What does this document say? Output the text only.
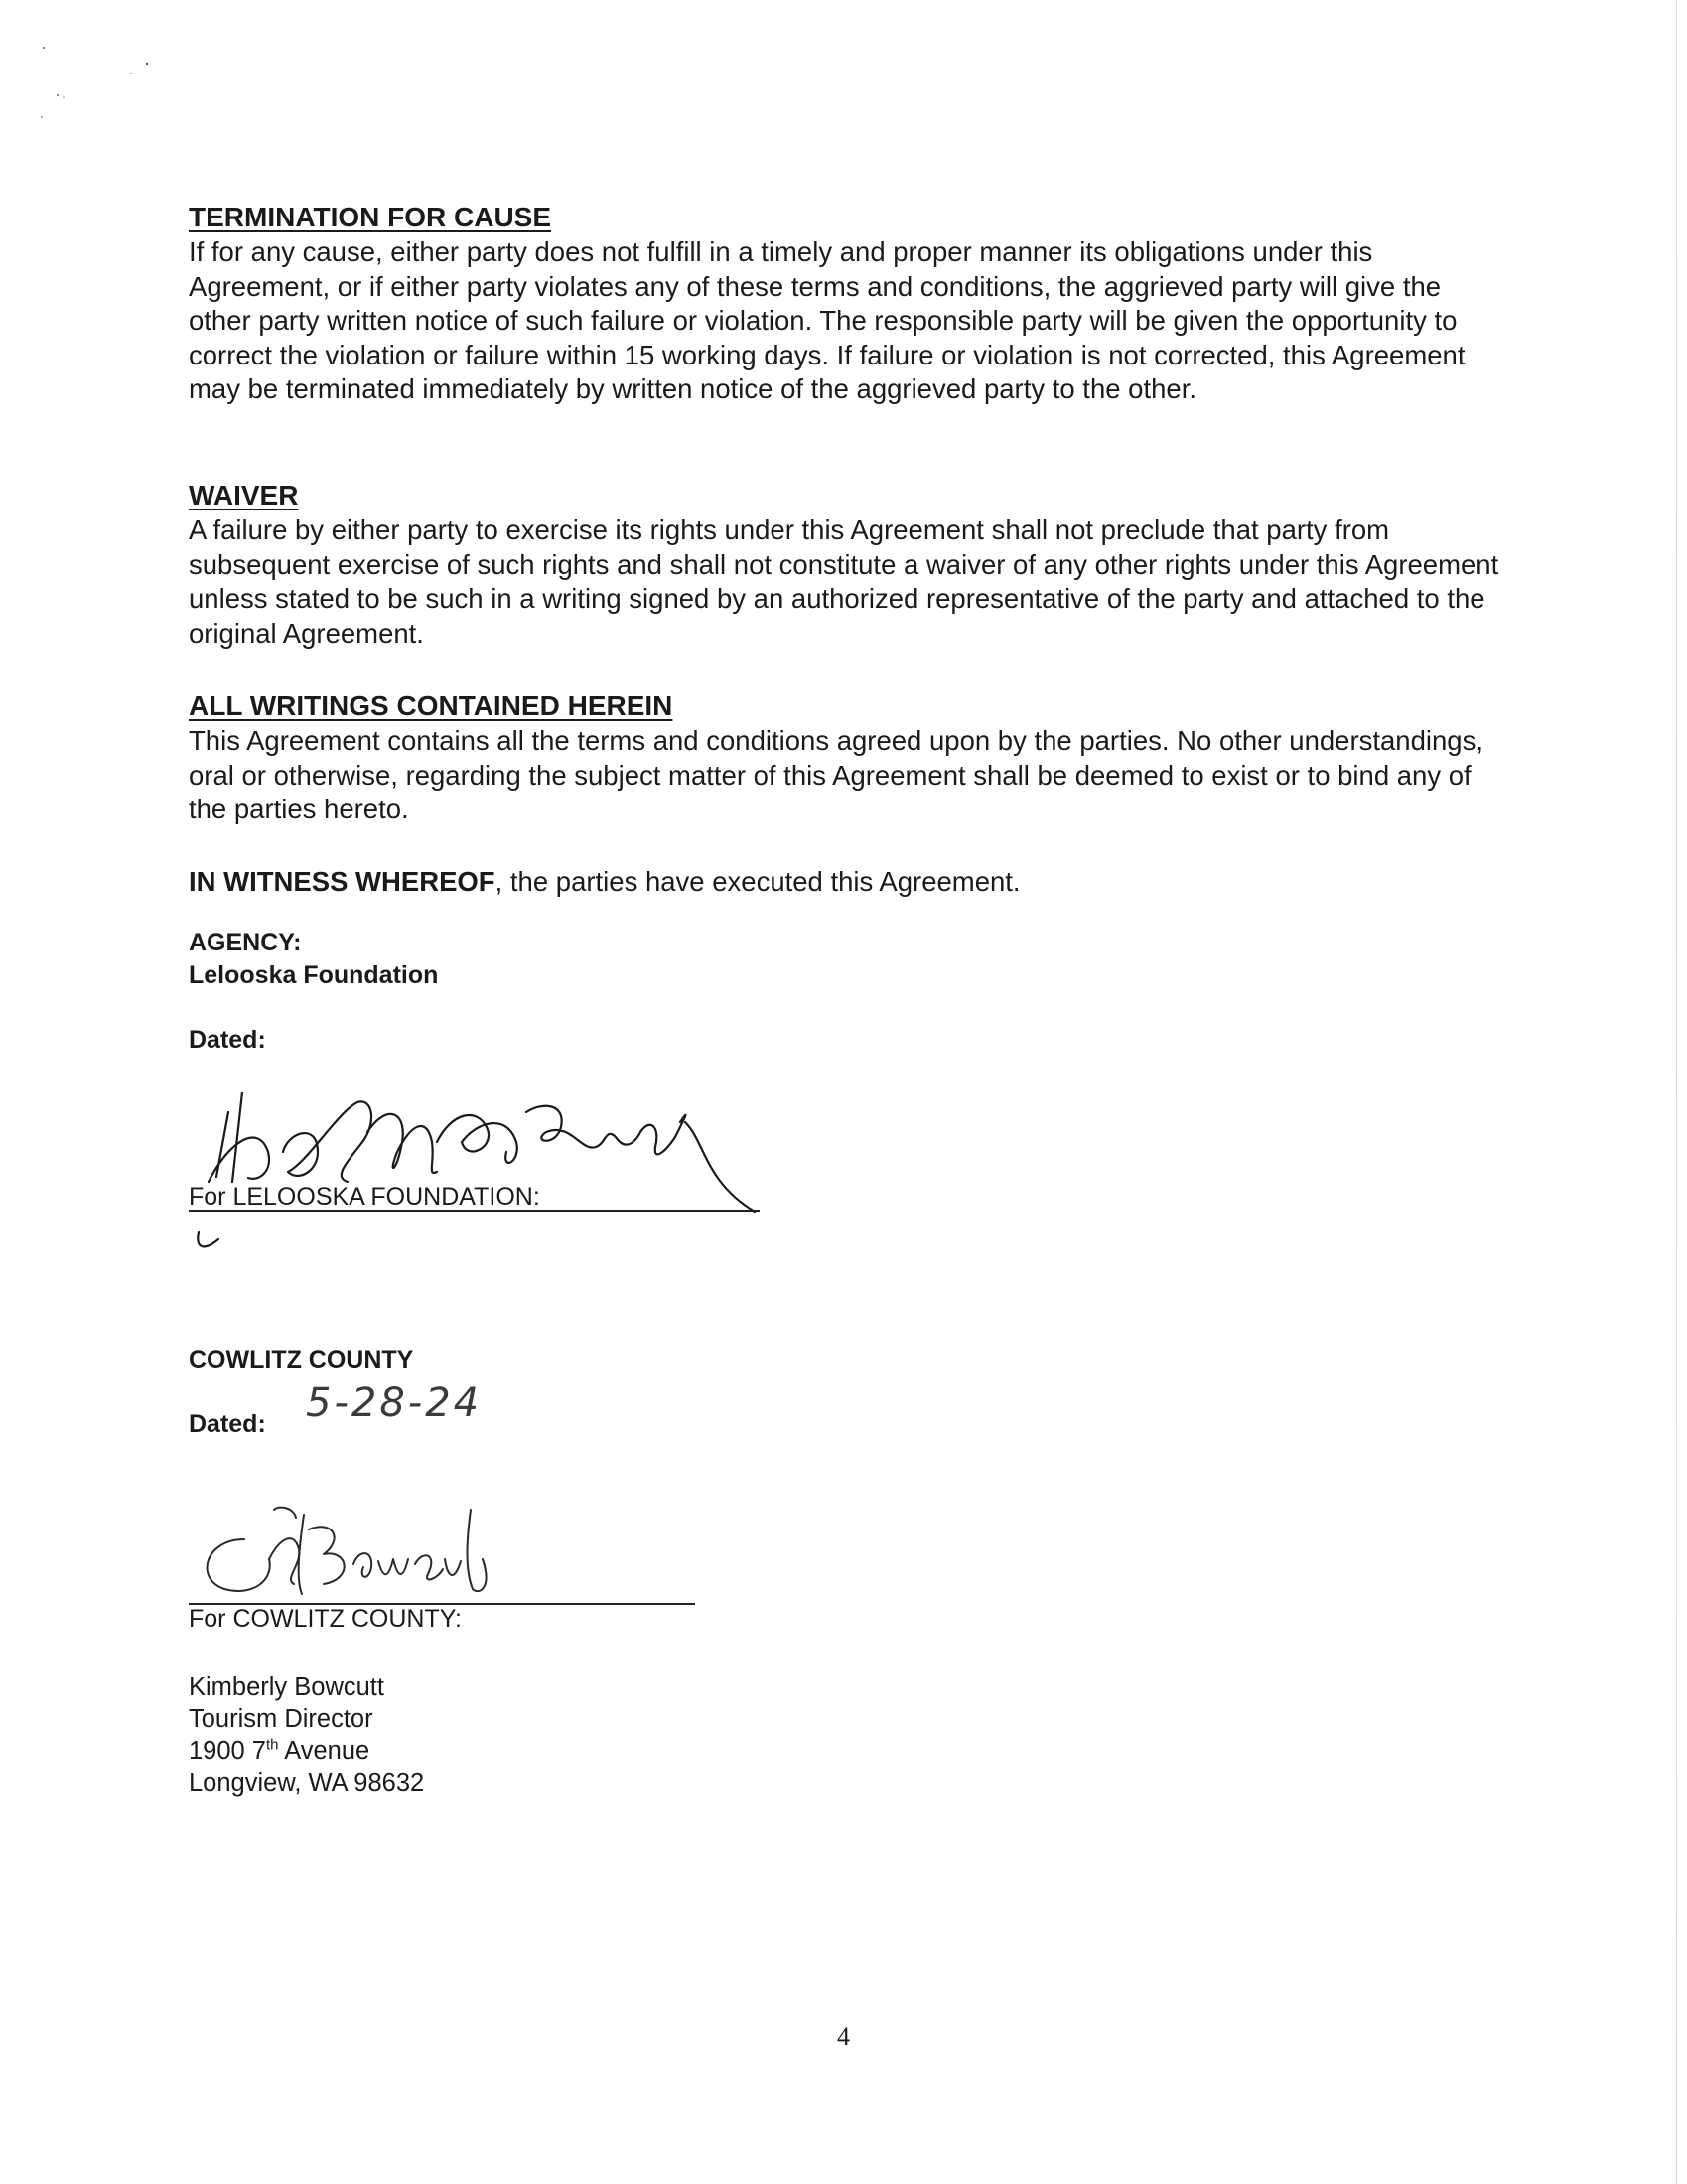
TERMINATION FOR CAUSE

If for any cause, either party does not fulfill in a timely and proper manner its obligations under this Agreement, or if either party violates any of these terms and conditions, the aggrieved party will give the other party written notice of such failure or violation. The responsible party will be given the opportunity to correct the violation or failure within 15 working days. If failure or violation is not corrected, this Agreement may be terminated immediately by written notice of the aggrieved party to the other.

WAIVER

A failure by either party to exercise its rights under this Agreement shall not preclude that party from subsequent exercise of such rights and shall not constitute a waiver of any other rights under this Agreement unless stated to be such in a writing signed by an authorized representative of the party and attached to the original Agreement.

ALL WRITINGS CONTAINED HEREIN

This Agreement contains all the terms and conditions agreed upon by the parties. No other understandings, oral or otherwise, regarding the subject matter of this Agreement shall be deemed to exist or to bind any of the parties hereto.

IN WITNESS WHEREOF, the parties have executed this Agreement.

AGENCY:
Lelooska Foundation
Dated:
For LELOOSKA FOUNDATION:
COWLITZ COUNTY
Dated: 5-28-24
For COWLITZ COUNTY:
Kimberly Bowcutt
Tourism Director
1900 7th Avenue
Longview, WA 98632
4
